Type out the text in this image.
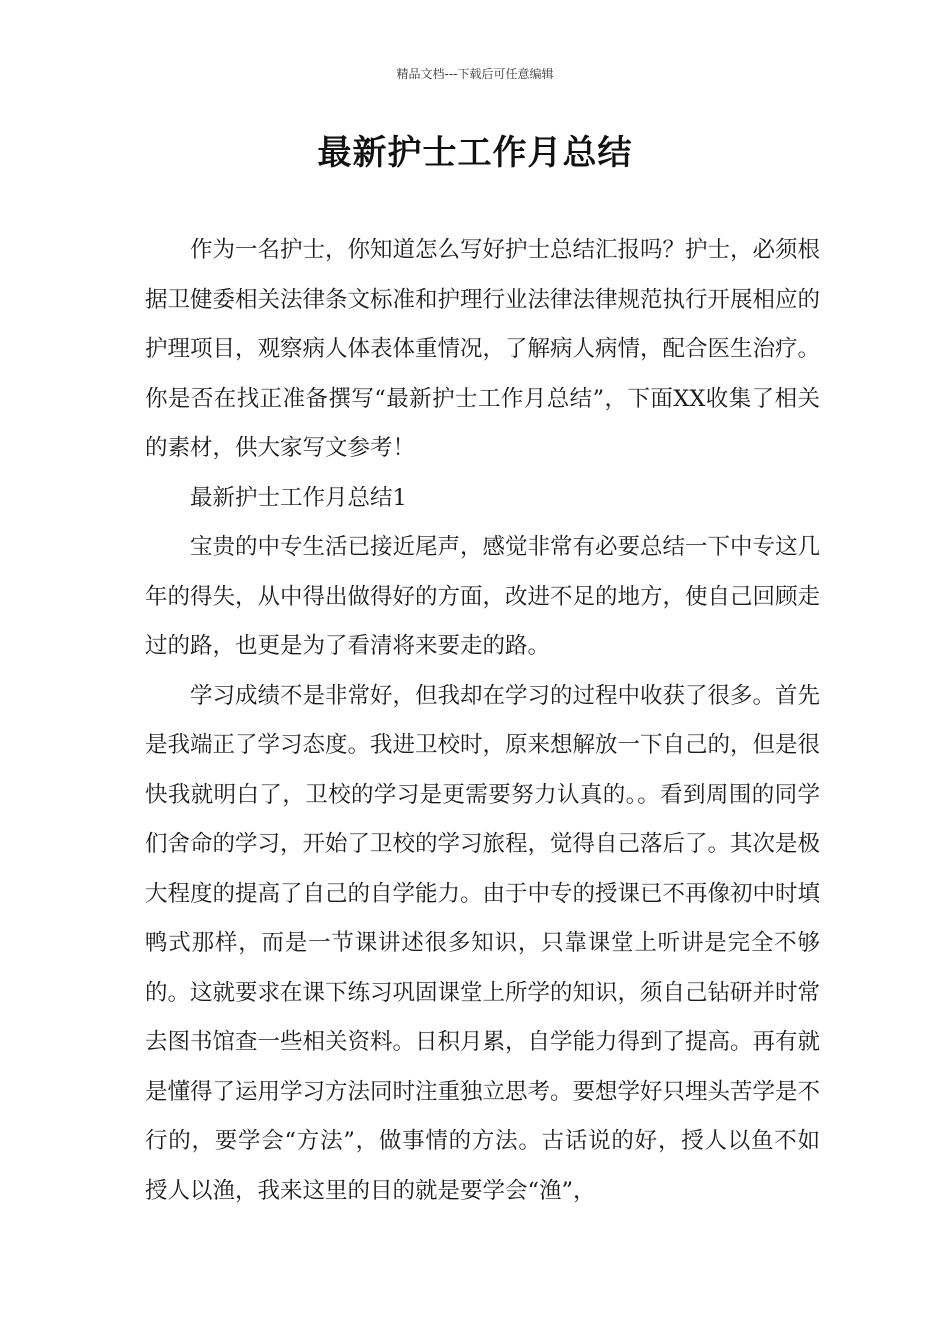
精品文档---下载后可任意编辑
最新护士工作月总结

作为一名护士，你知道怎么写好护士总结汇报吗？护士，必须根据卫健委相关法律条文标准和护理行业法律法律规范执行开展相应的护理项目，观察病人体表体重情况，了解病人病情，配合医生治疗。你是否在找正准备撰写“最新护士工作月总结”，下面XX收集了相关的素材，供大家写文参考！

最新护士工作月总结1

宝贵的中专生活已接近尾声，感觉非常有必要总结一下中专这几年的得失，从中得出做得好的方面，改进不足的地方，使自己回顾走过的路，也更是为了看清将来要走的路。

学习成绩不是非常好，但我却在学习的过程中收获了很多。首先是我端正了学习态度。我进卫校时，原来想解放一下自己的，但是很快我就明白了，卫校的学习是更需要努力认真的。。看到周围的同学们舍命的学习，开始了卫校的学习旅程，觉得自己落后了。其次是极大程度的提高了自己的自学能力。由于中专的授课已不再像初中时填鸭式那样，而是一节课讲述很多知识，只靠课堂上听讲是完全不够的。这就要求在课下练习巩固课堂上所学的知识，须自己钻研并时常去图书馆查一些相关资料。日积月累，自学能力得到了提高。再有就是懂得了运用学习方法同时注重独立思考。要想学好只埋头苦学是不行的，要学会“方法”，做事情的方法。古话说的好，授人以鱼不如授人以渔，我来这里的目的就是要学会“渔”，
